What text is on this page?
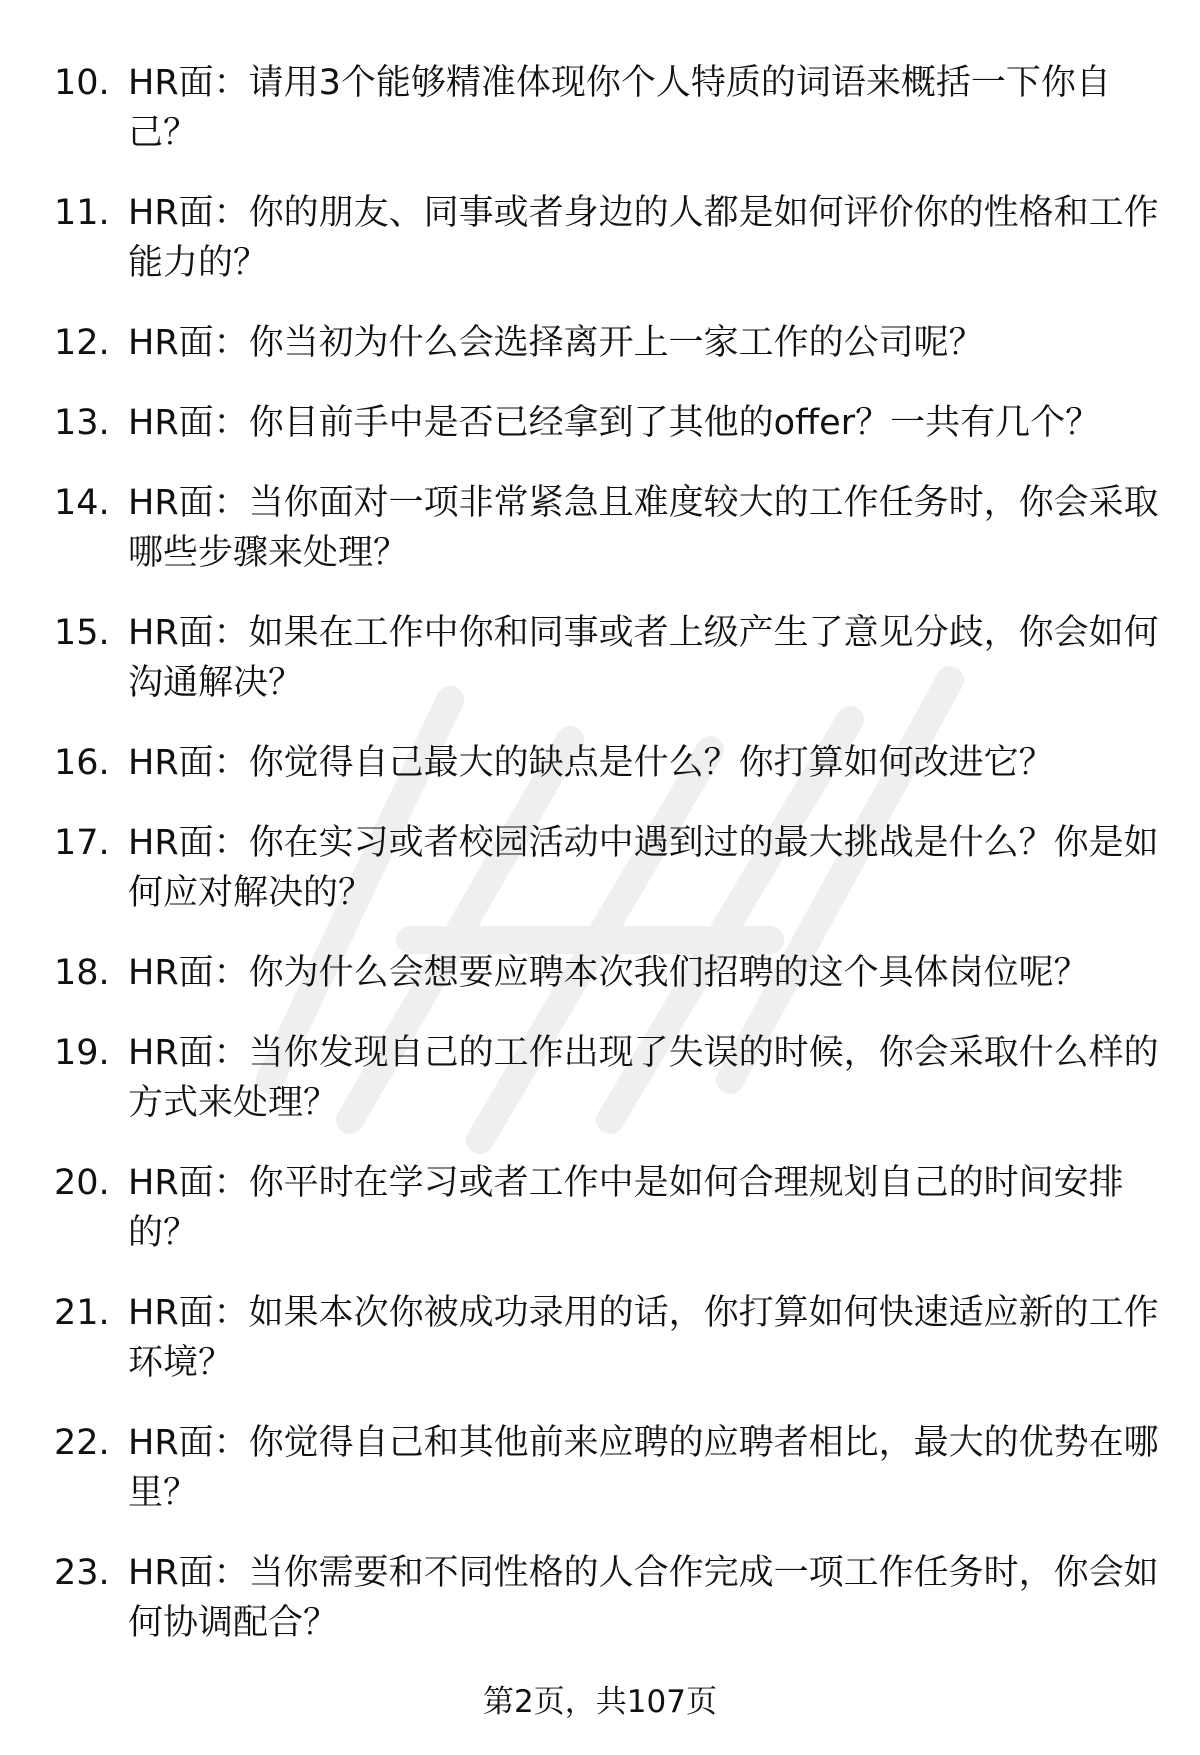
10. HR面：请用3个能够精准体现你个人特质的词语来概括一下你自己？
11. HR面：你的朋友、同事或者身边的人都是如何评价你的性格和工作能力的？
12. HR面：你当初为什么会选择离开上一家工作的公司呢？
13. HR面：你目前手中是否已经拿到了其他的offer？一共有几个？
14. HR面：当你面对一项非常紧急且难度较大的工作任务时，你会采取哪些步骤来处理？
15. HR面：如果在工作中你和同事或者上级产生了意见分歧，你会如何沟通解决？
16. HR面：你觉得自己最大的缺点是什么？你打算如何改进它？
17. HR面：你在实习或者校园活动中遇到过的最大挑战是什么？你是如何应对解决的？
18. HR面：你为什么会想要应聘本次我们招聘的这个具体岗位呢？
19. HR面：当你发现自己的工作出现了失误的时候，你会采取什么样的方式来处理？
20. HR面：你平时在学习或者工作中是如何合理规划自己的时间安排的？
21. HR面：如果本次你被成功录用的话，你打算如何快速适应新的工作环境？
22. HR面：你觉得自己和其他前来应聘的应聘者相比，最大的优势在哪里？
23. HR面：当你需要和不同性格的人合作完成一项工作任务时，你会如何协调配合？
第2页，共107页
